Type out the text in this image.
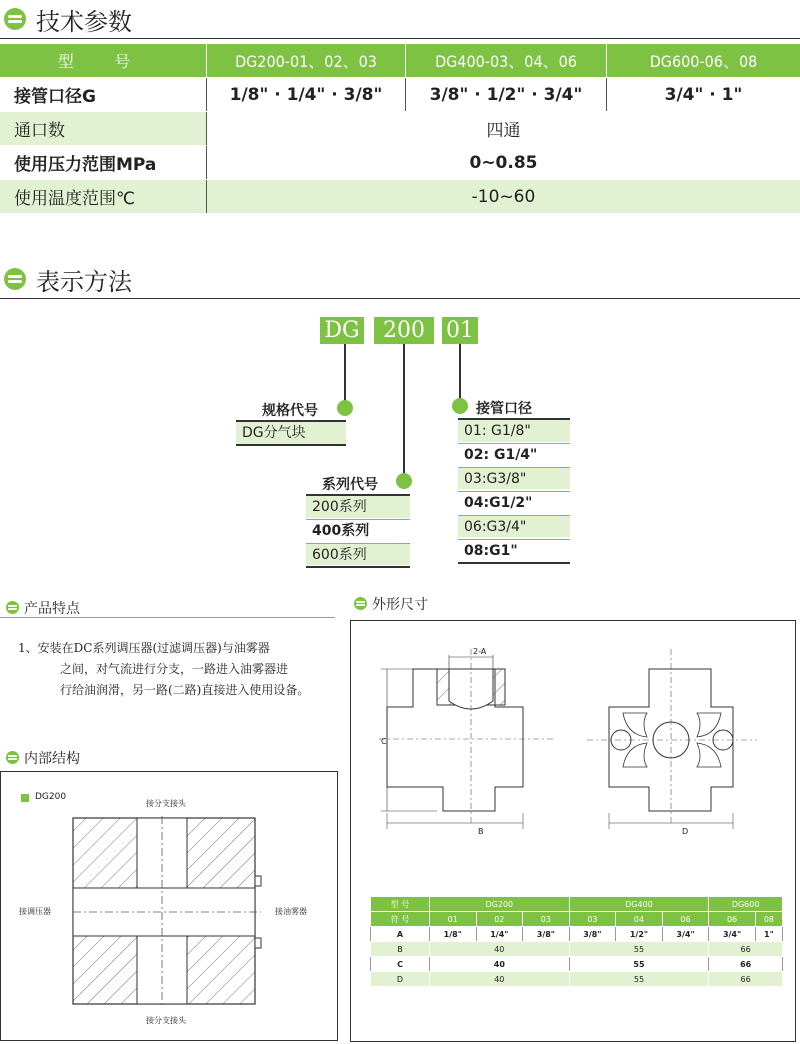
技术参数
型 号	DG200-01、02、03	DG400-03、04、06	DG600-06、08
接管口径G	1/8" · 1/4" · 3/8"	3/8" · 1/2" · 3/4"	3/4" · 1"
通口数	四通		
使用压力范围MPa	0~0.85		
使用温度范围℃	-10~60		
表示方法
DG	200 01
规格代号
DG分气块
系列代号
200系列
400系列
600系列
接管口径
01: G1/8"
02: G1/4"
03:G3/8"
04:G1/2"
06:G3/4"
08:G1"
产品特点
1、安装在DC系列调压器(过滤调压器)与油雾器
之间，对气流进行分支，一路进入油雾器进
行给油润滑，另一路(二路)直接进入使用设备。
内部结构
DG200
接分支接头
接调压器	接油雾器
接分支接头
外形尺寸
2-A
C
B	D
型 号	DG200			DG400			DG600	
符 号	01	02	03	03	04	06	06	08
A	1/8"	1/4"	3/8"	3/8"	1/2"	3/4"	3/4"	1"
B	40			55			66	
C	40			55			66	
D	40			55			66	
